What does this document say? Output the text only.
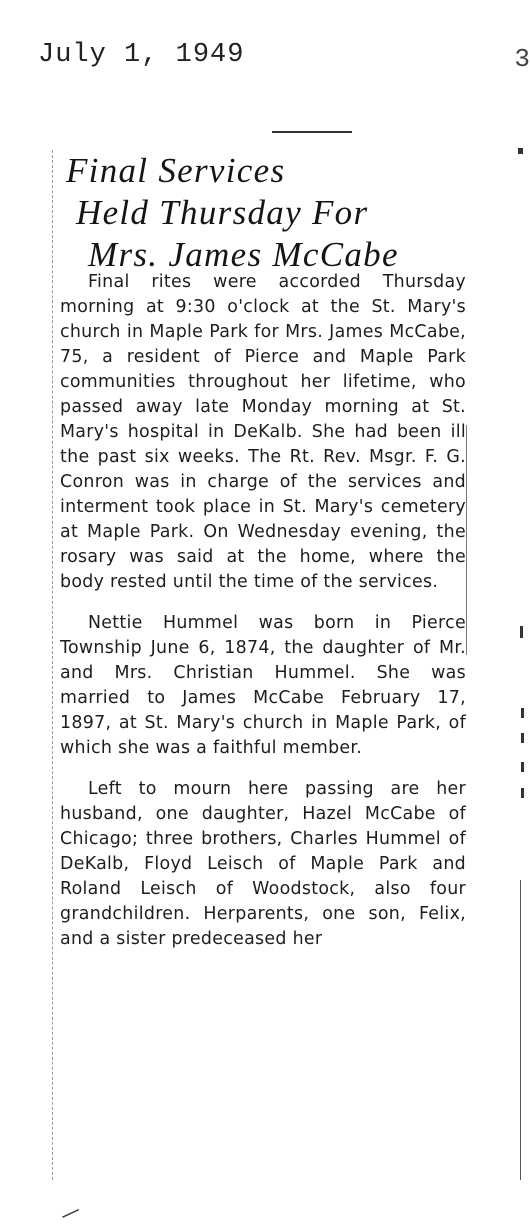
July 1, 1949	3
Final Services
Held Thursday For
Mrs. James McCabe

Final rites were accorded Thursday morning at 9:30 o'clock at the St. Mary's church in Maple Park for Mrs. James McCabe, 75, a resident of Pierce and Maple Park communities throughout her lifetime, who passed away late Monday morning at St. Mary's hospital in DeKalb. She had been ill the past six weeks. The Rt. Rev. Msgr. F. G. Conron was in charge of the services and interment took place in St. Mary's cemetery at Maple Park. On Wednesday evening, the rosary was said at the home, where the body rested until the time of the services.

Nettie Hummel was born in Pierce Township June 6, 1874, the daughter of Mr. and Mrs. Christian Hummel. She was married to James McCabe February 17, 1897, at St. Mary's church in Maple Park, of which she was a faithful member.

Left to mourn here passing are her husband, one daughter, Hazel McCabe of Chicago; three brothers, Charles Hummel of DeKalb, Floyd Leisch of Maple Park and Roland Leisch of Woodstock, also four grandchildren. Herparents, one son, Felix, and a sister predeceased her

—
